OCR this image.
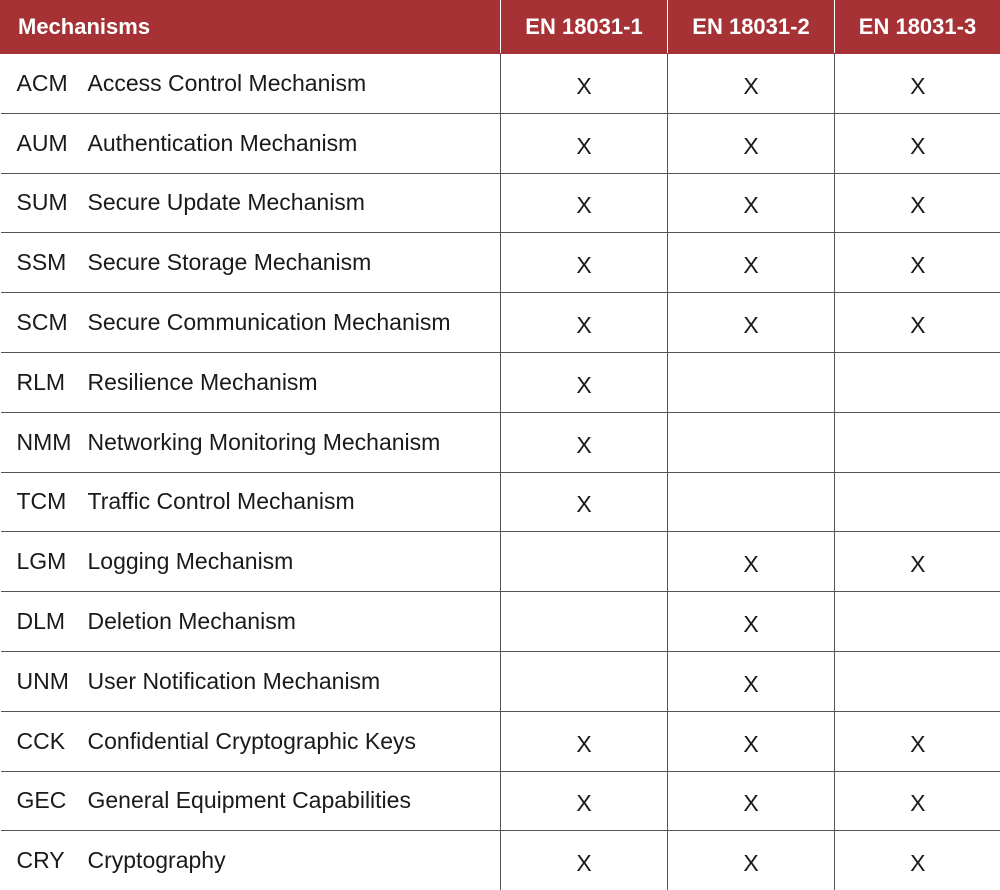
Mechanisms	EN 18031-1	EN 18031-2	EN 18031-3
ACM Access Control Mechanism	X	X	X
AUM Authentication Mechanism	X	X	X
SUM Secure Update Mechanism	X	X	X
SSM Secure Storage Mechanism	X	X	X
SCM Secure Communication Mechanism	X	X	X
RLM Resilience Mechanism	X		
NMM Networking Monitoring Mechanism	X		
TCM Traffic Control Mechanism	X		
LGM Logging Mechanism		X	X
DLM Deletion Mechanism		X	
UNM User Notification Mechanism		X	
CCK Confidential Cryptographic Keys	X	X	X
GEC General Equipment Capabilities	X	X	X
CRY Cryptography	X	X	X
